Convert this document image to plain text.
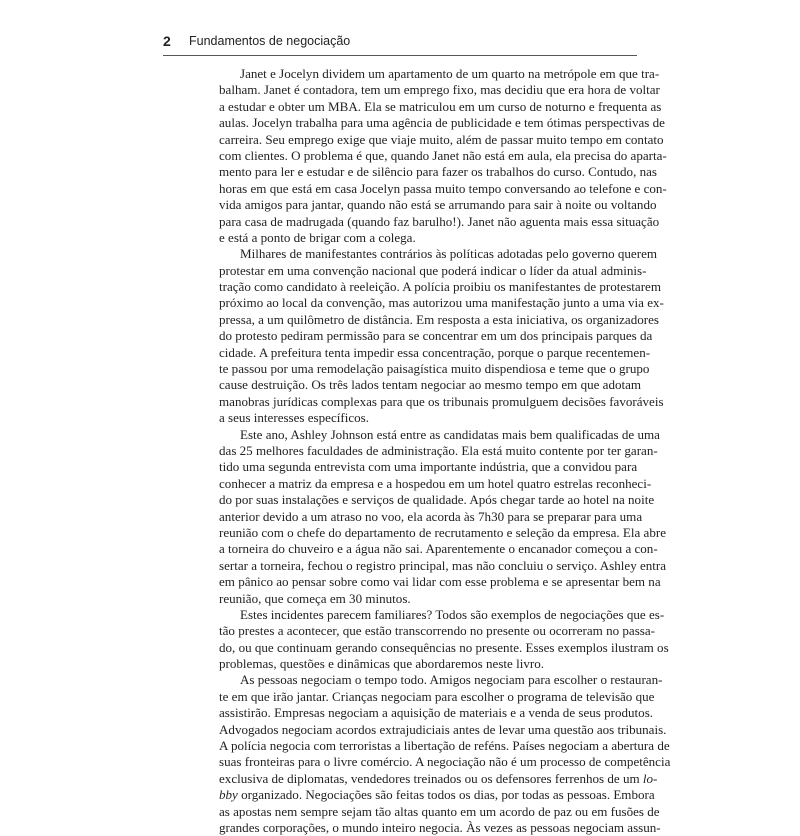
2 Fundamentos de negociação
Janet e Jocelyn dividem um apartamento de um quarto na metrópole em que tra-
balham. Janet é contadora, tem um emprego fixo, mas decidiu que era hora de voltar
a estudar e obter um MBA. Ela se matriculou em um curso de noturno e frequenta as
aulas. Jocelyn trabalha para uma agência de publicidade e tem ótimas perspectivas de
carreira. Seu emprego exige que viaje muito, além de passar muito tempo em contato
com clientes. O problema é que, quando Janet não está em aula, ela precisa do aparta-
mento para ler e estudar e de silêncio para fazer os trabalhos do curso. Contudo, nas
horas em que está em casa Jocelyn passa muito tempo conversando ao telefone e con-
vida amigos para jantar, quando não está se arrumando para sair à noite ou voltando
para casa de madrugada (quando faz barulho!). Janet não aguenta mais essa situação
e está a ponto de brigar com a colega.
Milhares de manifestantes contrários às políticas adotadas pelo governo querem
protestar em uma convenção nacional que poderá indicar o líder da atual adminis-
tração como candidato à reeleição. A polícia proibiu os manifestantes de protestarem
próximo ao local da convenção, mas autorizou uma manifestação junto a uma via ex-
pressa, a um quilômetro de distância. Em resposta a esta iniciativa, os organizadores
do protesto pediram permissão para se concentrar em um dos principais parques da
cidade. A prefeitura tenta impedir essa concentração, porque o parque recentemen-
te passou por uma remodelação paisagística muito dispendiosa e teme que o grupo
cause destruição. Os três lados tentam negociar ao mesmo tempo em que adotam
manobras jurídicas complexas para que os tribunais promulguem decisões favoráveis
a seus interesses específicos.
Este ano, Ashley Johnson está entre as candidatas mais bem qualificadas de uma
das 25 melhores faculdades de administração. Ela está muito contente por ter garan-
tido uma segunda entrevista com uma importante indústria, que a convidou para
conhecer a matriz da empresa e a hospedou em um hotel quatro estrelas reconheci-
do por suas instalações e serviços de qualidade. Após chegar tarde ao hotel na noite
anterior devido a um atraso no voo, ela acorda às 7h30 para se preparar para uma
reunião com o chefe do departamento de recrutamento e seleção da empresa. Ela abre
a torneira do chuveiro e a água não sai. Aparentemente o encanador começou a con-
sertar a torneira, fechou o registro principal, mas não concluiu o serviço. Ashley entra
em pânico ao pensar sobre como vai lidar com esse problema e se apresentar bem na
reunião, que começa em 30 minutos.
Estes incidentes parecem familiares? Todos são exemplos de negociações que es-
tão prestes a acontecer, que estão transcorrendo no presente ou ocorreram no passa-
do, ou que continuam gerando consequências no presente. Esses exemplos ilustram os
problemas, questões e dinâmicas que abordaremos neste livro.
As pessoas negociam o tempo todo. Amigos negociam para escolher o restauran-
te em que irão jantar. Crianças negociam para escolher o programa de televisão que
assistirão. Empresas negociam a aquisição de materiais e a venda de seus produtos.
Advogados negociam acordos extrajudiciais antes de levar uma questão aos tribunais.
A polícia negocia com terroristas a libertação de reféns. Países negociam a abertura de
suas fronteiras para o livre comércio. A negociação não é um processo de competência
exclusiva de diplomatas, vendedores treinados ou os defensores ferrenhos de um lo-
bby organizado. Negociações são feitas todos os dias, por todas as pessoas. Embora
as apostas nem sempre sejam tão altas quanto em um acordo de paz ou em fusões de
grandes corporações, o mundo inteiro negocia. Às vezes as pessoas negociam assun-
